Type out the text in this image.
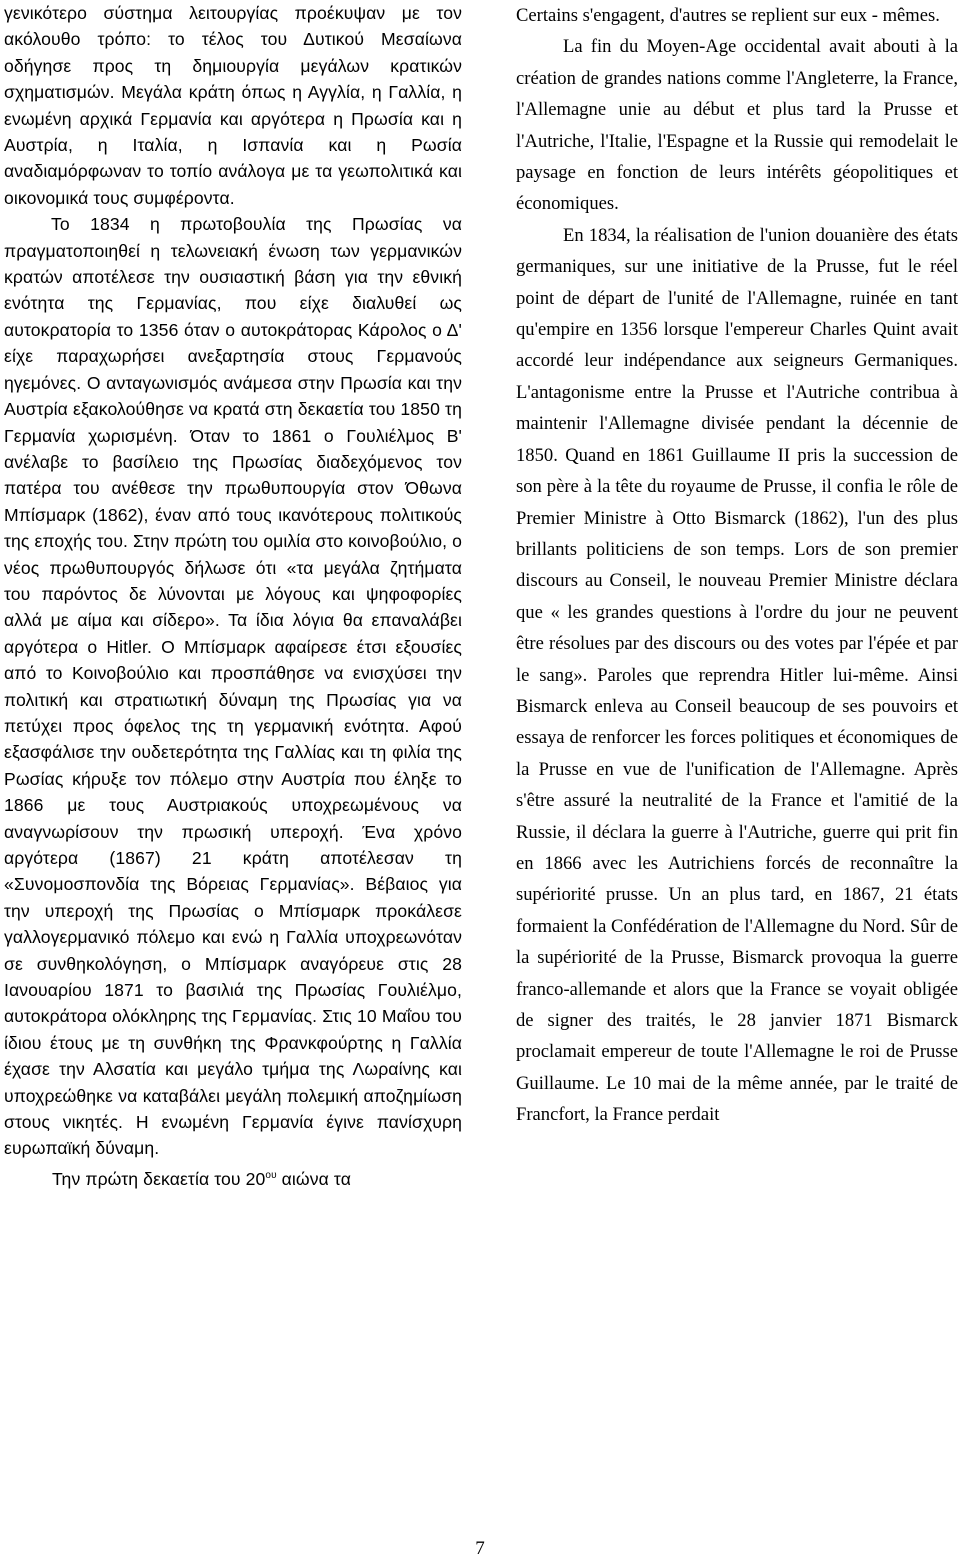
γενικότερο σύστημα λειτουργίας προέκυψαν με τον ακόλουθο τρόπο: το τέλος του Δυτικού Μεσαίωνα οδήγησε προς τη δημιουργία μεγάλων κρατικών σχηματισμών. Μεγάλα κράτη όπως η Αγγλία, η Γαλλία, η ενωμένη αρχικά Γερμανία και αργότερα η Πρωσία και η Αυστρία, η Ιταλία, η Ισπανία και η Ρωσία αναδιαμόρφωναν το τοπίο ανάλογα με τα γεωπολιτικά και οικονομικά τους συμφέροντα.

Το 1834 η πρωτοβουλία της Πρωσίας να πραγματοποιηθεί η τελωνειακή ένωση των γερμανικών κρατών αποτέλεσε την ουσιαστική βάση για την εθνική ενότητα της Γερμανίας, που είχε διαλυθεί ως αυτοκρατορία το 1356 όταν ο αυτοκράτορας Κάρολος ο Δ' είχε παραχωρήσει ανεξαρτησία στους Γερμανούς ηγεμόνες. Ο ανταγωνισμός ανάμεσα στην Πρωσία και την Αυστρία εξακολούθησε να κρατά στη δεκαετία του 1850 τη Γερμανία χωρισμένη. Όταν το 1861 ο Γουλιέλμος Β' ανέλαβε το βασίλειο της Πρωσίας διαδεχόμενος τον πατέρα του ανέθεσε την πρωθυπουργία στον Όθωνα Μπίσμαρκ (1862), έναν από τους ικανότερους πολιτικούς της εποχής του. Στην πρώτη του ομιλία στο κοινοβούλιο, ο νέος πρωθυπουργός δήλωσε ότι «τα μεγάλα ζητήματα του παρόντος δε λύνονται με λόγους και ψηφοφορίες αλλά με αίμα και σίδερο». Τα ίδια λόγια θα επαναλάβει αργότερα ο Hitler. Ο Μπίσμαρκ αφαίρεσε έτσι εξουσίες από το Κοινοβούλιο και προσπάθησε να ενισχύσει την πολιτική και στρατιωτική δύναμη της Πρωσίας για να πετύχει προς όφελος της τη γερμανική ενότητα. Αφού εξασφάλισε την ουδετερότητα της Γαλλίας και τη φιλία της Ρωσίας κήρυξε τον πόλεμο στην Αυστρία που έληξε το 1866 με τους Αυστριακούς υποχρεωμένους να αναγνωρίσουν την πρωσική υπεροχή. Ένα χρόνο αργότερα (1867) 21 κράτη αποτέλεσαν τη «Συνομοσπονδία της Βόρειας Γερμανίας». Βέβαιος για την υπεροχή της Πρωσίας ο Μπίσμαρκ προκάλεσε γαλλογερμανικό πόλεμο και ενώ η Γαλλία υποχρεωνόταν σε συνθηκολόγηση, ο Μπίσμαρκ αναγόρευε στις 28 Ιανουαρίου 1871 το βασιλιά της Πρωσίας Γουλιέλμο, αυτοκράτορα ολόκληρης της Γερμανίας. Στις 10 Μαΐου του ίδιου έτους με τη συνθήκη της Φρανκφούρτης η Γαλλία έχασε την Αλσατία και μεγάλο τμήμα της Λωραίνης και υποχρεώθηκε να καταβάλει μεγάλη πολεμική αποζημίωση στους νικητές. Η ενωμένη Γερμανία έγινε πανίσχυρη ευρωπαϊκή δύναμη.

Την πρώτη δεκαετία του $20^{o\upsilon}$ αιώνα τα

Certains s'engagent, d'autres se replient sur eux - mêmes.

La fin du Moyen-Age occidental avait abouti à la création de grandes nations comme l'Angleterre, la France, l'Allemagne unie au début et plus tard la Prusse et l'Autriche, l'Italie, l'Espagne et la Russie qui remodelait le paysage en fonction de leurs intérêts géopolitiques et économiques.

En 1834, la réalisation de l'union douanière des états germaniques, sur une initiative de la Prusse, fut le réel point de départ de l'unité de l'Allemagne, ruinée en tant qu'empire en 1356 lorsque l'empereur Charles Quint avait accordé leur indépendance aux seigneurs Germaniques. L'antagonisme entre la Prusse et l'Autriche contribua à maintenir l'Allemagne divisée pendant la décennie de 1850. Quand en 1861 Guillaume II pris la succession de son père à la tête du royaume de Prusse, il confia le rôle de Premier Ministre à Otto Bismarck (1862), l'un des plus brillants politiciens de son temps. Lors de son premier discours au Conseil, le nouveau Premier Ministre déclara que « les grandes questions à l'ordre du jour ne peuvent être résolues par des discours ou des votes par l'épée et par le sang». Paroles que reprendra Hitler lui-même. Ainsi Bismarck enleva au Conseil beaucoup de ses pouvoirs et essaya de renforcer les forces politiques et économiques de la Prusse en vue de l'unification de l'Allemagne. Après s'être assuré la neutralité de la France et l'amitié de la Russie, il déclara la guerre à l'Autriche, guerre qui prit fin en 1866 avec les Autrichiens forcés de reconnaître la supériorité prusse. Un an plus tard, en 1867, 21 états formaient la Confédération de l'Allemagne du Nord. Sûr de la supériorité de la Prusse, Bismarck provoqua la guerre franco-allemande et alors que la France se voyait obligée de signer des traités, le 28 janvier 1871 Bismarck proclamait empereur de toute l'Allemagne le roi de Prusse Guillaume. Le 10 mai de la même année, par le traité de Francfort, la France perdait

7
